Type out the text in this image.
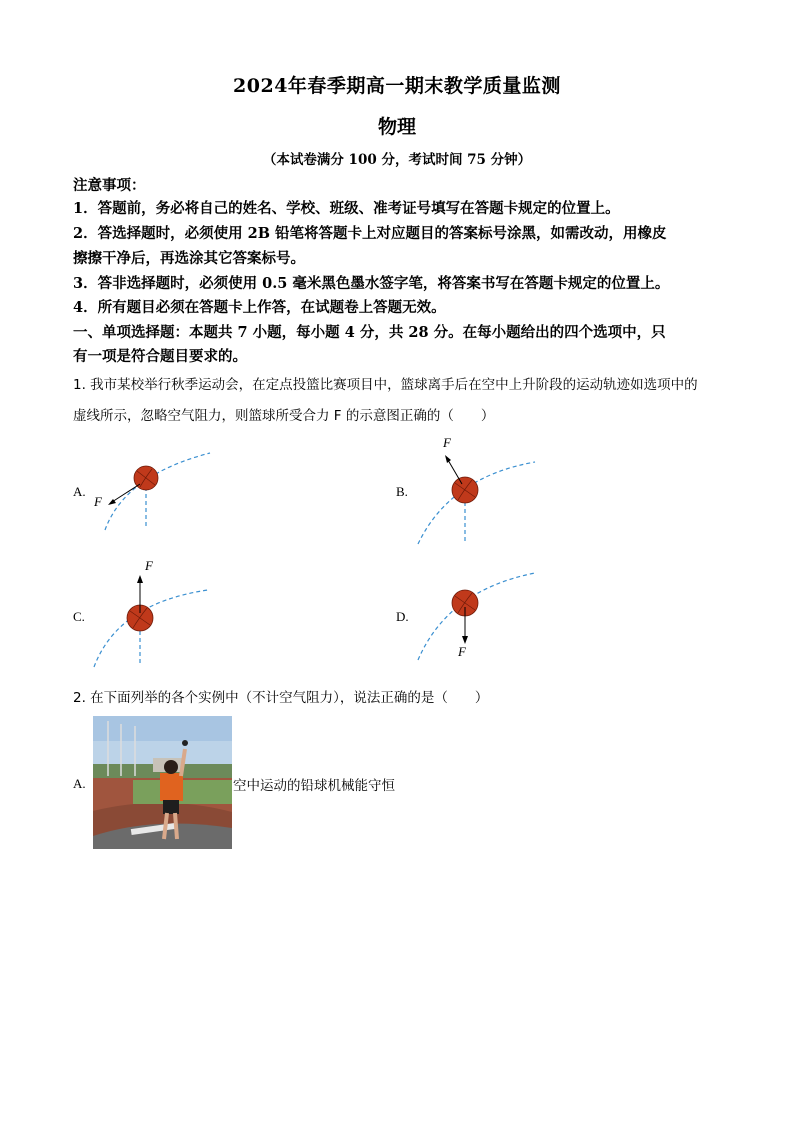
2024年春季期高一期末教学质量监测
物理
（本试卷满分 100 分，考试时间 75 分钟）
注意事项：
1．答题前，务必将自己的姓名、学校、班级、准考证号填写在答题卡规定的位置上。
2．答选择题时，必须使用 2B 铅笔将答题卡上对应题目的答案标号涂黑，如需改动，用橡皮
擦擦干净后，再选涂其它答案标号。
3．答非选择题时，必须使用 0.5 毫米黑色墨水签字笔，将答案书写在答题卡规定的位置上。
4．所有题目必须在答题卡上作答，在试题卷上答题无效。
一、单项选择题：本题共 7 小题，每小题 4 分，共 28 分。在每小题给出的四个选项中，只
有一项是符合题目要求的。
1. 我市某校举行秋季运动会，在定点投篮比赛项目中，篮球离手后在空中上升阶段的运动轨迹如选项中的
虚线所示，忽略空气阻力，则篮球所受合力 F 的示意图正确的（　　）
A.
F
B.
F
C.
F
D.
F
2. 在下面列举的各个实例中（不计空气阻力），说法正确的是（　　）
A.	空中运动的铅球机械能守恒
